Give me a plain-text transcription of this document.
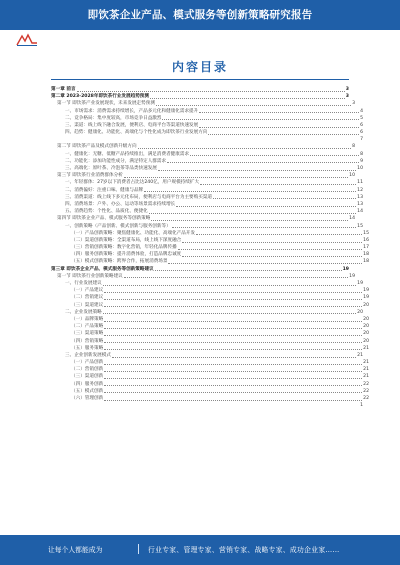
即饮茶企业产品、模式服务等创新策略研究报告
内容目录
第一章 前言	3
第二章 2023-2028年即饮茶行业发展趋势预测	3
第一节 即饮茶产业发展现状，未来发展走势预测	3
一、市场需求：消费需求持续增长，产品多元化和健康化需求提升	4
二、竞争格局：集中度较高，市场竞争日益激烈	5
三、渠道：线上线下融合发展，便利店、电商平台等渠道快速发展	6
四、趋势：健康化、功能化、高端化与个性化成为即饮茶行业发展方向	6
7
第二节 即饮茶产品及模式创新升级方向	8
一、健康化：无糖、低糖产品持续推出，满足消费者健康需求	8
二、功能化：添加功能性成分，满足特定人群需求	9
三、高端化：原叶茶、冷泡茶等品类快速发展	10
第三节 即饮茶行业消费群体分析	10
一、年轻群体：27岁以下消费者占比达240亿，用户规模持续扩大	11
二、消费偏好：注重口味、健康与品牌	12
三、消费渠道：线上线下多元化布局，便利店与电商平台为主要购买渠道	13
四、消费场景：户外、办公、运动等场景需求持续增长	13
五、消费趋势：个性化、品质化、便捷化	14
第四节 即饮茶企业产品、模式服务等创新策略	14
一、创新策略（产品创新、模式创新与服务创新等）	15
（一）产品创新策略：聚焦健康化、功能化、高端化产品开发	15
（二）渠道创新策略：全渠道布局，线上线下深度融合	16
（三）营销创新策略：数字化营销，年轻化品牌传播	17
（四）服务创新策略：提升消费体验，打造品牌忠诚度	18
（五）模式创新策略：跨界合作，拓展消费场景	18
第三章 即饮茶企业产品、模式服务等创新策略建议	19
第一节 即饮茶行业创新策略建议	19
一、行业发展建议	19
（一）产品建议	19
（二）营销建议	19
（三）渠道建议	20
二、企业发展策略	20
（一）品牌策略	20
（二）产品策略	20
（三）渠道策略	20
（四）营销策略	20
（五）服务策略	21
三、企业创新发展模式	21
（一）产品创新	21
（二）营销创新	21
（三）渠道创新	21
（四）服务创新	22
（五）模式创新	22
（六）管理创新	22
1
让每个人都能成为	行业专家、管理专家、营销专家、战略专家、成功企业家……
